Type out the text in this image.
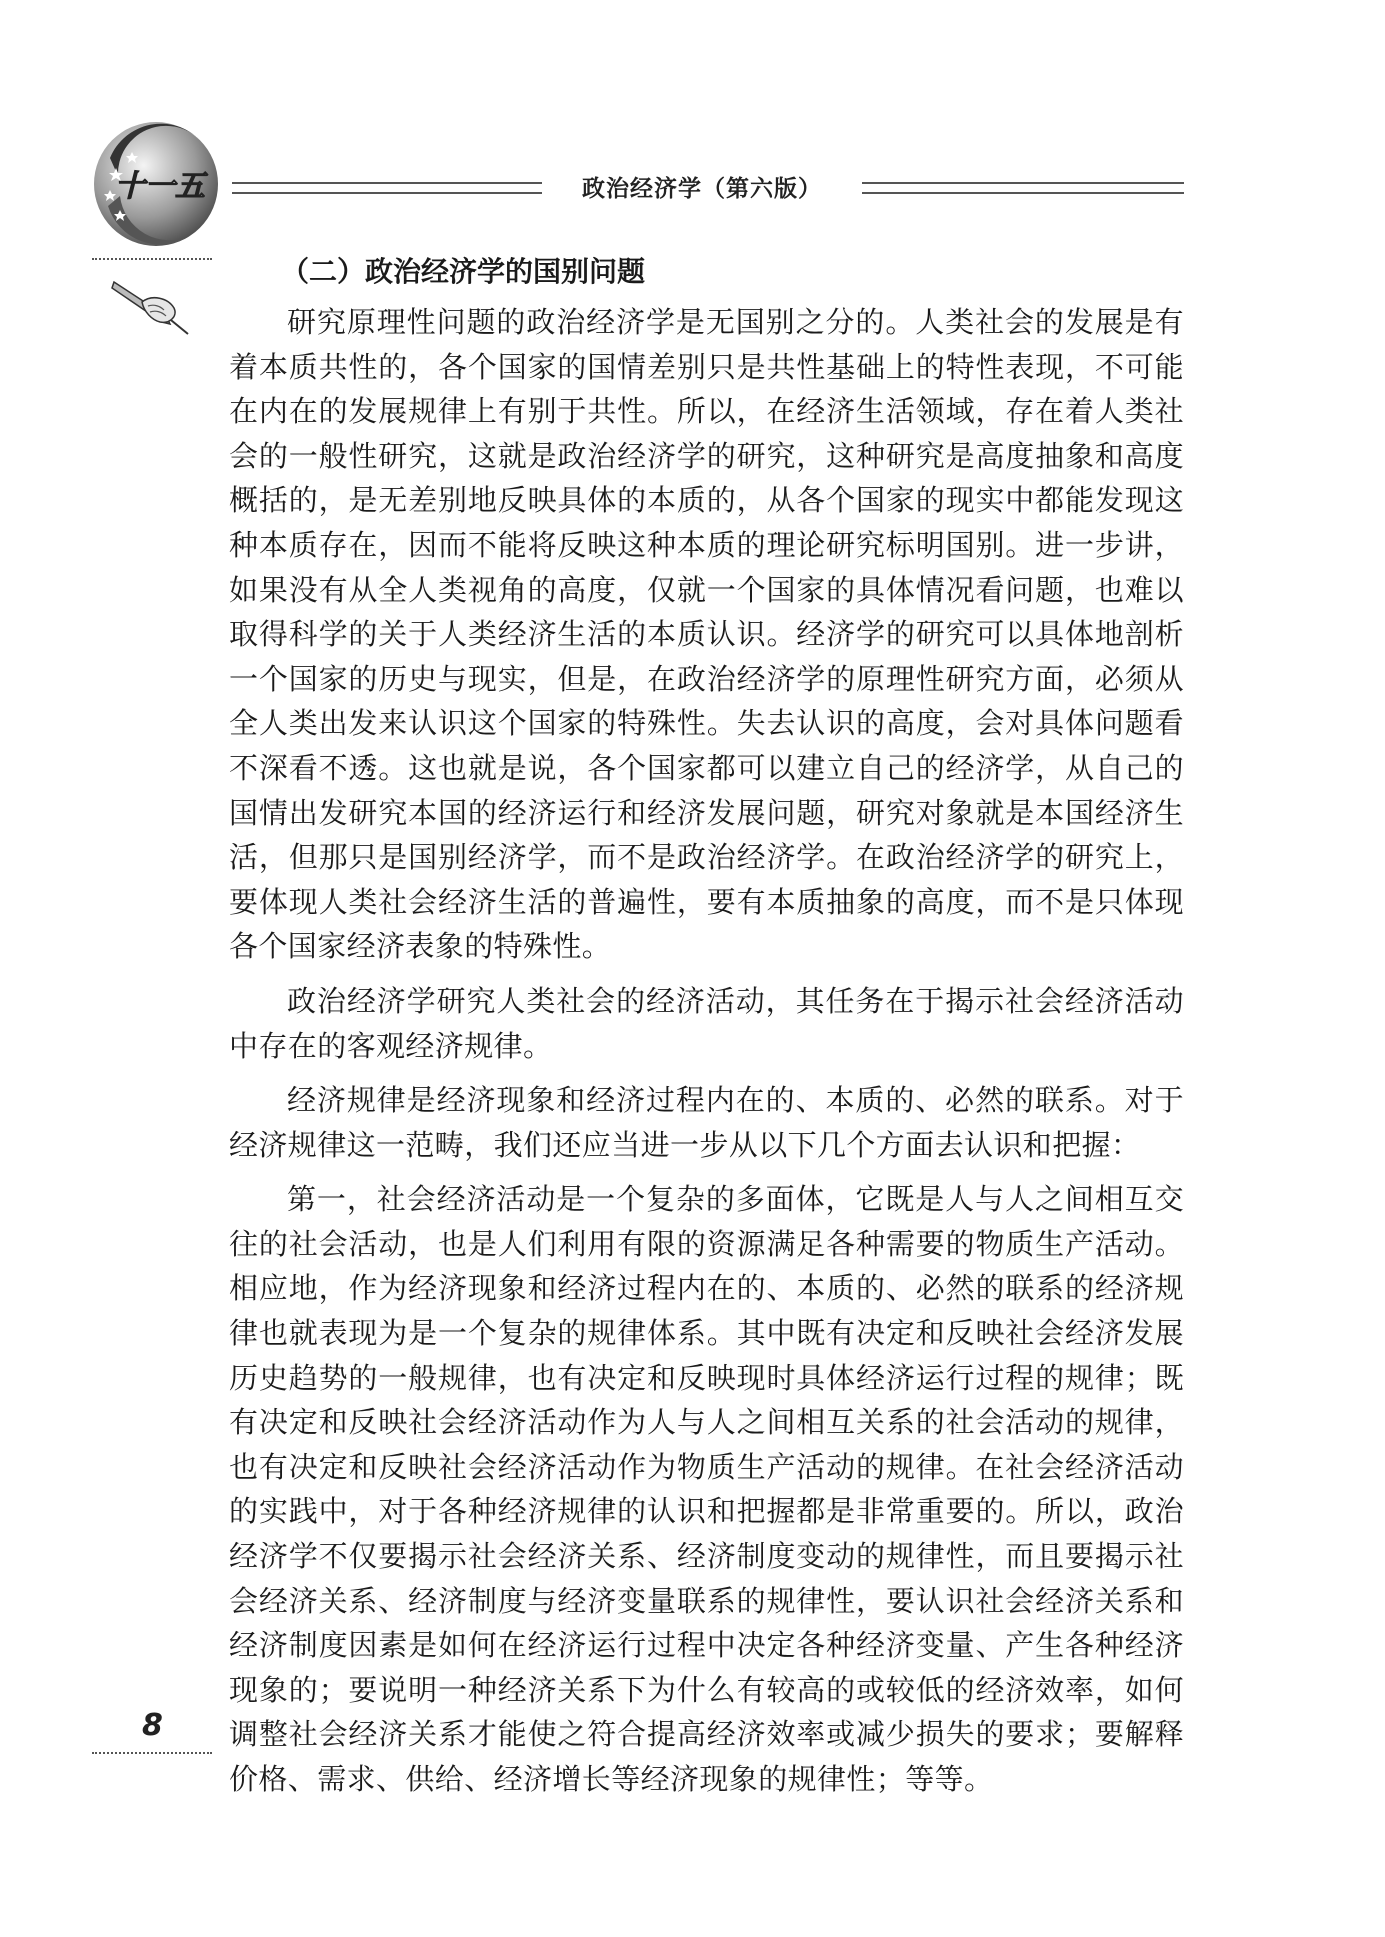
十一五	政治经济学（第六版）
（二）政治经济学的国别问题

研究原理性问题的政治经济学是无国别之分的。人类社会的发展是有着本质共性的，各个国家的国情差别只是共性基础上的特性表现，不可能在内在的发展规律上有别于共性。所以，在经济生活领域，存在着人类社会的一般性研究，这就是政治经济学的研究，这种研究是高度抽象和高度概括的，是无差别地反映具体的本质的，从各个国家的现实中都能发现这种本质存在，因而不能将反映这种本质的理论研究标明国别。进一步讲，如果没有从全人类视角的高度，仅就一个国家的具体情况看问题，也难以取得科学的关于人类经济生活的本质认识。经济学的研究可以具体地剖析一个国家的历史与现实，但是，在政治经济学的原理性研究方面，必须从全人类出发来认识这个国家的特殊性。失去认识的高度，会对具体问题看不深看不透。这也就是说，各个国家都可以建立自己的经济学，从自己的国情出发研究本国的经济运行和经济发展问题，研究对象就是本国经济生活，但那只是国别经济学，而不是政治经济学。在政治经济学的研究上，要体现人类社会经济生活的普遍性，要有本质抽象的高度，而不是只体现各个国家经济表象的特殊性。

政治经济学研究人类社会的经济活动，其任务在于揭示社会经济活动中存在的客观经济规律。

经济规律是经济现象和经济过程内在的、本质的、必然的联系。对于经济规律这一范畴，我们还应当进一步从以下几个方面去认识和把握：

第一，社会经济活动是一个复杂的多面体，它既是人与人之间相互交往的社会活动，也是人们利用有限的资源满足各种需要的物质生产活动。相应地，作为经济现象和经济过程内在的、本质的、必然的联系的经济规律也就表现为是一个复杂的规律体系。其中既有决定和反映社会经济发展历史趋势的一般规律，也有决定和反映现时具体经济运行过程的规律；既有决定和反映社会经济活动作为人与人之间相互关系的社会活动的规律，也有决定和反映社会经济活动作为物质生产活动的规律。在社会经济活动的实践中，对于各种经济规律的认识和把握都是非常重要的。所以，政治经济学不仅要揭示社会经济关系、经济制度变动的规律性，而且要揭示社会经济关系、经济制度与经济变量联系的规律性，要认识社会经济关系和经济制度因素是如何在经济运行过程中决定各种经济变量、产生各种经济现象的；要说明一种经济关系下为什么有较高的或较低的经济效率，如何调整社会经济关系才能使之符合提高经济效率或减少损失的要求；要解释价格、需求、供给、经济增长等经济现象的规律性；等等。

8
